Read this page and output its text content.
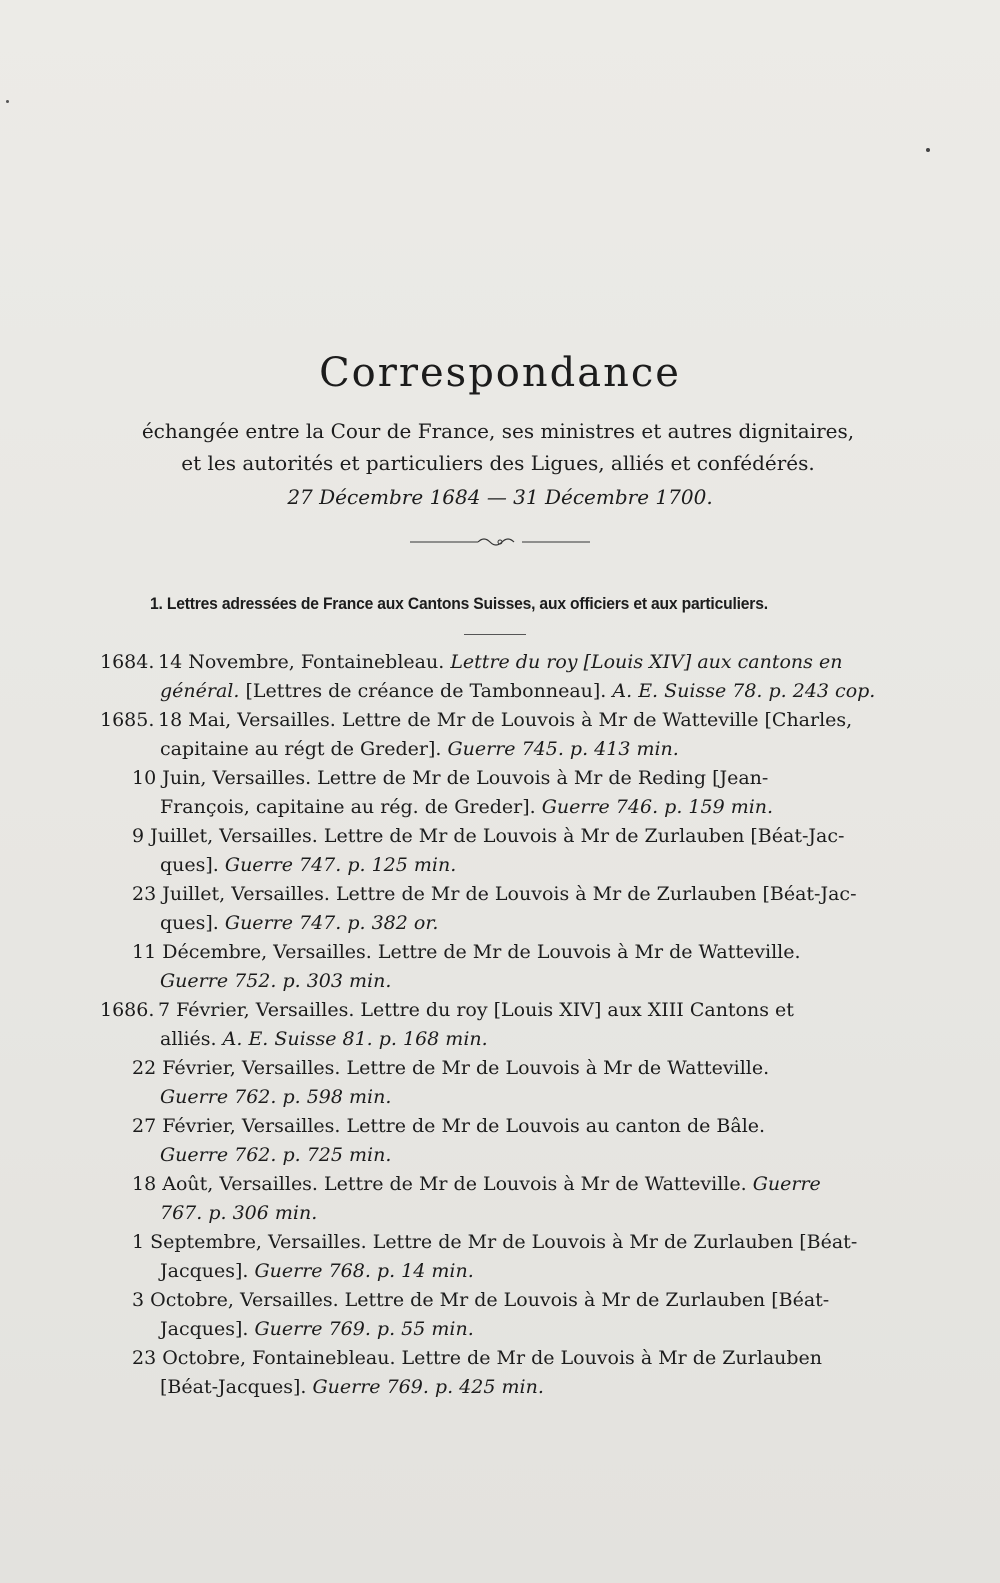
Correspondance
échangée entre la Cour de France, ses ministres et autres dignitaires,
et les autorités et particuliers des Ligues, alliés et confédérés.
27 Décembre 1684 — 31 Décembre 1700.
1. Lettres adressées de France aux Cantons Suisses, aux officiers et aux particuliers.
1684. 14 Novembre, Fontainebleau. Lettre du roy [Louis XIV] aux cantons en
général. [Lettres de créance de Tambonneau]. A. E. Suisse 78. p. 243 cop.
1685. 18 Mai, Versailles. Lettre de Mr de Louvois à Mr de Watteville [Charles,
capitaine au régt de Greder]. Guerre 745. p. 413 min.
10 Juin, Versailles. Lettre de Mr de Louvois à Mr de Reding [Jean-
François, capitaine au rég. de Greder]. Guerre 746. p. 159 min.
9 Juillet, Versailles. Lettre de Mr de Louvois à Mr de Zurlauben [Béat-Jac-
ques]. Guerre 747. p. 125 min.
23 Juillet, Versailles. Lettre de Mr de Louvois à Mr de Zurlauben [Béat-Jac-
ques]. Guerre 747. p. 382 or.
11 Décembre, Versailles. Lettre de Mr de Louvois à Mr de Watteville.
Guerre 752. p. 303 min.
1686. 7 Février, Versailles. Lettre du roy [Louis XIV] aux XIII Cantons et
alliés. A. E. Suisse 81. p. 168 min.
22 Février, Versailles. Lettre de Mr de Louvois à Mr de Watteville.
Guerre 762. p. 598 min.
27 Février, Versailles. Lettre de Mr de Louvois au canton de Bâle.
Guerre 762. p. 725 min.
18 Août, Versailles. Lettre de Mr de Louvois à Mr de Watteville. Guerre
767. p. 306 min.
1 Septembre, Versailles. Lettre de Mr de Louvois à Mr de Zurlauben [Béat-
Jacques]. Guerre 768. p. 14 min.
3 Octobre, Versailles. Lettre de Mr de Louvois à Mr de Zurlauben [Béat-
Jacques]. Guerre 769. p. 55 min.
23 Octobre, Fontainebleau. Lettre de Mr de Louvois à Mr de Zurlauben
[Béat-Jacques]. Guerre 769. p. 425 min.
